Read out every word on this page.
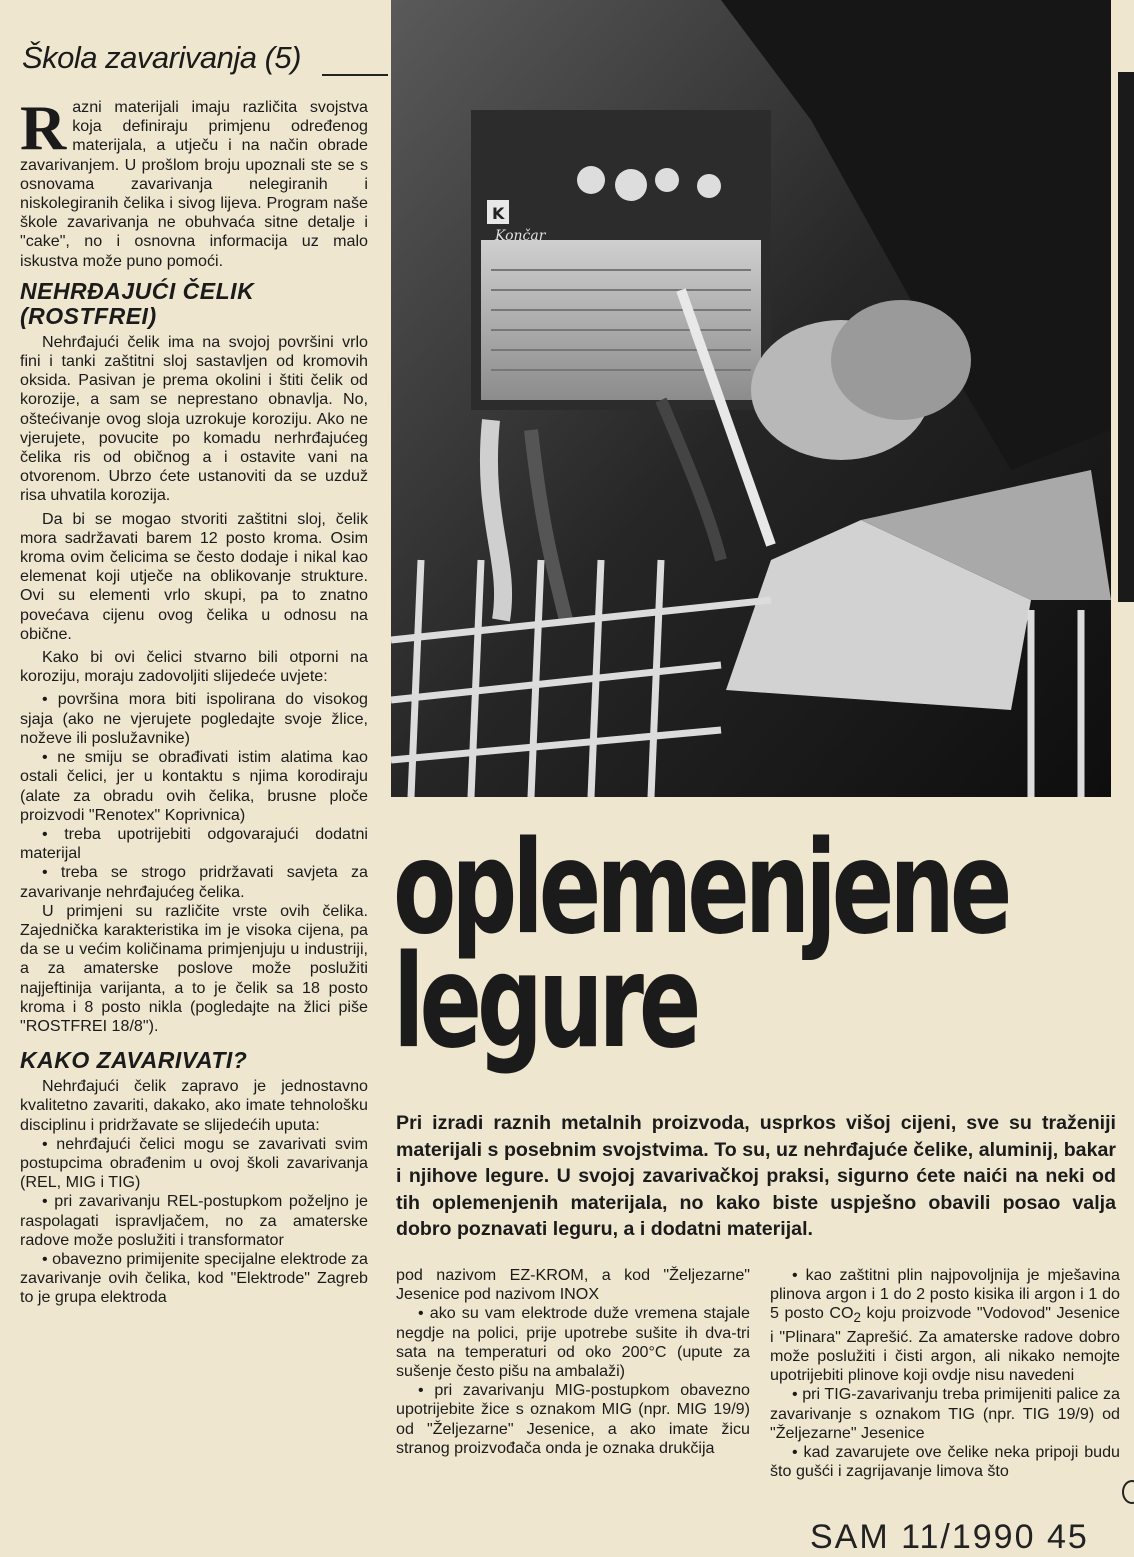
Škola zavarivanja (5)

Razni materijali imaju različita svojstva koja definiraju primjenu određenog materijala, a utječu i na način obrade zavarivanjem. U prošlom broju upoznali ste se s osnovama zavarivanja nelegiranih i niskolegiranih čelika i sivog lijeva. Program naše škole zavarivanja ne obuhvaća sitne detalje i "cake", no i osnovna informacija uz malo iskustva može puno pomoći.

NEHRĐAJUĆI ČELIK
(ROSTFREI)

Nehrđajući čelik ima na svojoj površini vrlo fini i tanki zaštitni sloj sastavljen od kromovih oksida. Pasivan je prema okolini i štiti čelik od korozije, a sam se neprestano obnavlja. No, oštećivanje ovog sloja uzrokuje koroziju. Ako ne vjerujete, povucite po komadu nerhrđajućeg čelika ris od običnog a i ostavite vani na otvorenom. Ubrzo ćete ustanoviti da se uzduž risa uhvatila korozija.

Da bi se mogao stvoriti zaštitni sloj, čelik mora sadržavati barem 12 posto kroma. Osim kroma ovim čelicima se često dodaje i nikal kao elemenat koji utječe na oblikovanje strukture. Ovi su elementi vrlo skupi, pa to znatno povećava cijenu ovog čelika u odnosu na obične.

Kako bi ovi čelici stvarno bili otporni na koroziju, moraju zadovoljiti slijedeće uvjete:

• površina mora biti ispolirana do visokog sjaja (ako ne vjerujete pogledajte svoje žlice, noževe ili poslužavnike)

• ne smiju se obrađivati istim alatima kao ostali čelici, jer u kontaktu s njima korodiraju (alate za obradu ovih čelika, brusne ploče proizvodi "Renotex" Koprivnica)

• treba upotrijebiti odgovarajući dodatni materijal

• treba se strogo pridržavati savjeta za zavarivanje nehrđajućeg čelika.

U primjeni su različite vrste ovih čelika. Zajednička karakteristika im je visoka cijena, pa da se u većim količinama primjenjuju u industriji, a za amaterske poslove može poslužiti najjeftinija varijanta, a to je čelik sa 18 posto kroma i 8 posto nikla (pogledajte na žlici piše "ROSTFREI 18/8").

KAKO ZAVARIVATI?

Nehrđajući čelik zapravo je jednostavno kvalitetno zavariti, dakako, ako imate tehnološku disciplinu i pridržavate se slijedećih uputa:

• nehrđajući čelici mogu se zavarivati svim postupcima obrađenim u ovoj školi zavarivanja (REL, MIG i TIG)

• pri zavarivanju REL-postupkom poželjno je raspolagati ispravljačem, no za amaterske radove može poslužiti i transformator

• obavezno primijenite specijalne elektrode za zavarivanje ovih čelika, kod "Elektrode" Zagreb to je grupa elektroda

K
Končar
oplemenjene
legure
Pri izradi raznih metalnih proizvoda, usprkos višoj cijeni, sve su traženiji materijali s posebnim svojstvima. To su, uz nehrđajuće čelike, aluminij, bakar i njihove legure. U svojoj zavarivačkoj praksi, sigurno ćete naići na neki od tih oplemenjenih materijala, no kako biste uspješno obavili posao valja dobro poznavati leguru, a i dodatni materijal.

pod nazivom EZ-KROM, a kod "Željezarne" Jesenice pod nazivom INOX

• ako su vam elektrode duže vremena stajale negdje na polici, prije upotrebe sušite ih dva-tri sata na temperaturi od oko 200°C (upute za sušenje često pišu na ambalaži)

• pri zavarivanju MIG-postupkom obavezno upotrijebite žice s oznakom MIG (npr. MIG 19/9) od "Željezarne" Jesenice, a ako imate žicu stranog proizvođača onda je oznaka drukčija

• kao zaštitni plin najpovoljnija je mješavina plinova argon i 1 do 2 posto kisika ili argon i 1 do 5 posto $CO_2$ koju proizvode "Vodovod" Jesenice i "Plinara" Zaprešić. Za amaterske radove dobro može poslužiti i čisti argon, ali nikako nemojte upotrijebiti plinove koji ovdje nisu navedeni

• pri TIG-zavarivanju treba primijeniti palice za zavarivanje s oznakom TIG (npr. TIG 19/9) od "Željezarne" Jesenice

• kad zavarujete ove čelike neka pripoji budu što gušći i zagrijavanje limova što

SAM 11/1990 45
